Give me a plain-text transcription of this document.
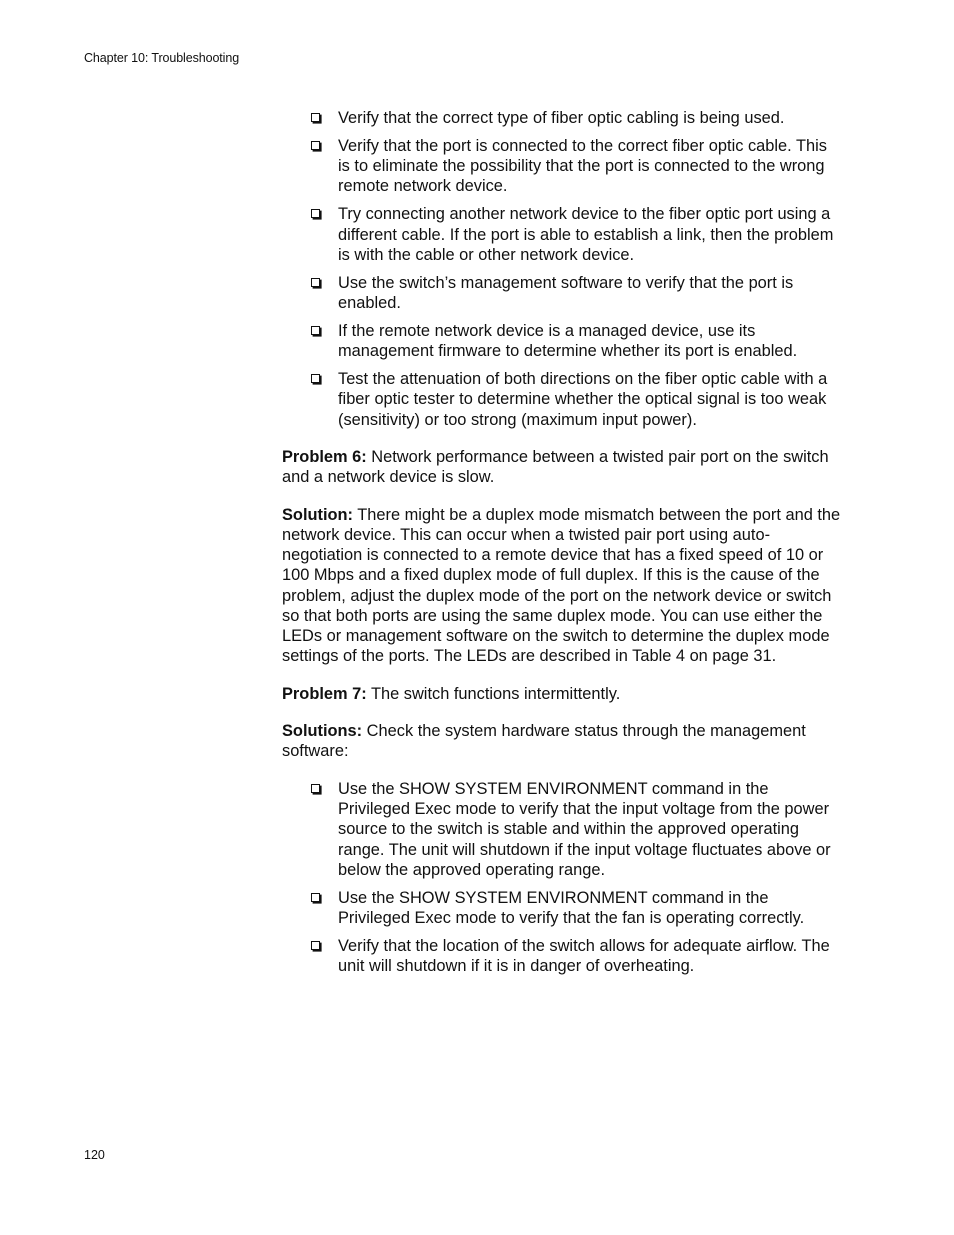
Chapter 10: Troubleshooting
Verify that the correct type of fiber optic cabling is being used.
Verify that the port is connected to the correct fiber optic cable. This is to eliminate the possibility that the port is connected to the wrong remote network device.
Try connecting another network device to the fiber optic port using a different cable. If the port is able to establish a link, then the problem is with the cable or other network device.
Use the switch’s management software to verify that the port is enabled.
If the remote network device is a managed device, use its management firmware to determine whether its port is enabled.
Test the attenuation of both directions on the fiber optic cable with a fiber optic tester to determine whether the optical signal is too weak (sensitivity) or too strong (maximum input power).

Problem 6: Network performance between a twisted pair port on the switch and a network device is slow.

Solution: There might be a duplex mode mismatch between the port and the network device. This can occur when a twisted pair port using auto-negotiation is connected to a remote device that has a fixed speed of 10 or 100 Mbps and a fixed duplex mode of full duplex. If this is the cause of the problem, adjust the duplex mode of the port on the network device or switch so that both ports are using the same duplex mode. You can use either the LEDs or management software on the switch to determine the duplex mode settings of the ports. The LEDs are described in Table 4 on page 31.

Problem 7: The switch functions intermittently.

Solutions: Check the system hardware status through the management software:

Use the SHOW SYSTEM ENVIRONMENT command in the Privileged Exec mode to verify that the input voltage from the power source to the switch is stable and within the approved operating range. The unit will shutdown if the input voltage fluctuates above or below the approved operating range.
Use the SHOW SYSTEM ENVIRONMENT command in the Privileged Exec mode to verify that the fan is operating correctly.
Verify that the location of the switch allows for adequate airflow. The unit will shutdown if it is in danger of overheating.
120
